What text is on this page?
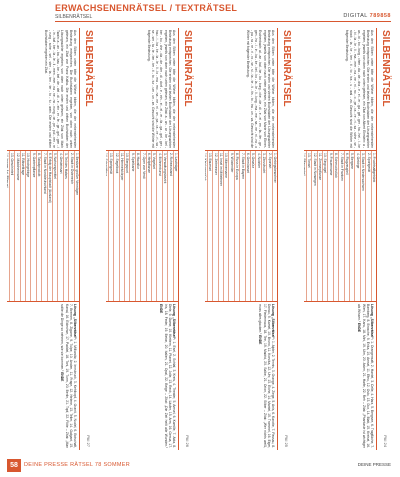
ERWACHSENENRÄTSEL / TEXTRÄTSEL
SILBENRÄTSEL	DIGITAL 789858
SILBENRÄTSEL
PAI 27
Aus den Silben unten bitte die Wörter bilden, die der nebenstehenden Bedeutung entsprechen. Die Buchstaben ergeben, von oben nach unten gelesen, ein Zitat von Franz Kafka. Die ersten und dritten Buchstaben der Lösungswörter ergeben, von oben nach unten gelesen, ein Zitat von Mark Twain: a - an - ba - bau - be - bel - de - del - di - e - ein - er - fe - ge - gel - gen - i - in - kaf - ker - la - le - li - men - mer - na - ne - no - nung - on - pe - pul - ren - re - rung - sche - sel - ster - ta - ten - ter - to - tu - wein. Die ersten und dritten Buchstaben ergeben ein Zitat.
1. Besitzer großer Vermögen
2. Stadt in Österreich
3. Teil des Halses
4. Gesteinsart
5. Nahrungsmittel
6. Erfolg der Hauptstadt (Ausland)
7. Stadt in Norddeutschland
8. Tabakprodukt
9. Gartenpflanze
10. Hochgebirge
11. Rätselfrage
12. Mädchenname
13. Geschirrteil
Lösung „Silbenrätsel“: 1. Milliardär, 2. Innsbruck, 3. Kehlkopf, 4. Granit, 5. Nudel, 6. Botschaft, 7. Bremen, 8. Zigarre, 9. Tulpe, 10. Anden, 11. Frage, 12. Helene, 13. Teller, 14. Galgant, 15. Kanal, 16. Eidechse, 17. Paddel, 18. Toni, 19. Turm, 20. Berlin, 21. Topf, 22. Flöte – Zitat: „Man sollte die Dinge so nehmen, wie sie kommen.“ ENDE
SILBENRÄTSEL
PAI 26
Aus den Silben unten bitte die Wörter bilden, die der nebenstehenden Bedeutung entsprechen. Die ersten und letzten Buchstaben der Lösungswörter ergeben, jeweils von oben nach unten gelesen, ein Zitat: a - an - ar - be - bel - ber - bu - che - da - de - der - di - dorf - e - ein - ei - el - er - fa - ga - gel - ger - hau - i - ka - ke - la - le - li - lo - ma - mo - na - ne - ni - on - pa - ra - re - ri - sa - se - ser - ta - te - ten - ter - ti - to - tur - um - un - ze. Gesucht sind die Wörter mit folgender Bedeutung.
1. Lastträger
2. Ruhezustand
3. Verwaltungsbezirk
4. Bühnenkunst
5. Vogelart
6. Heilpflanze
7. Oper von Verdi
8. Hausflur
9. Spielkarte
10. Bergsport
11. Himmelskörper
12. Segelboot
13. Sportgerät
Lösung „Silbenrätsel“: 1. Esel, 2. Schlaf, 3. Kreis, 4. Theater, 5. Amsel, 6. Kamille, 7. Aida, 8. Diele, 9. Dame, 10. Klettern, 11. Planet, 12. Jolle, 13. Reck, 14. Läufer, 15. Arm, 16. Genua, 17. Iris, 18. Feder, 19. Beton, 20. Italien, 21. Opal, 22. Beige – Zitat: „Die Zeit heilt alle Wunden.“ ENDE
SILBENRÄTSEL
PAI 25
Aus den Silben unten bitte die Wörter bilden, die der nebenstehenden Bedeutung entsprechen. Die ersten und vierten Buchstaben der Lösungswörter ergeben, jeweils von oben nach unten gelesen, ein Zitat von Marie von Ebner-Eschenbach: al - an - bal - be - bo - burg - cke - de - di - e - ei - en - fa - fer - ge - gen - ho - i - in - ka - ke - kel - ko - la - le - li - lung - ma - me - na - ne - ni - no - o - pa - ra - re - ri - ro - se - si - ta - te - ti - tis - to - tra - un - va. Gesucht sind die Wörter mit folgender Bedeutung.
1. Gebirgsbewohner
2. Sportart
3. Zitrusfrucht
4. Nutztier
5. Gewürz
6. Gemüseart
7. Stadt in Bayern
8. Fluss in Europa
9. Wüstentier
10. Männername
11. Insel im Mittelmeer
12. Zeitmesser
13. Baumart
Lösung „Silbenrätsel“: 1. Alpler, 2. Tennis, 3. Orange, 4. Ziege, 5. Anis, 6. Karotte, 7. Passau, 8. Donau, 9. Kamel, 10. Bruno, 11. Korsika, 12. Uhr, 13. Eiche, 14. Mantel, 15. Trommel, 16. Eiger, 17. Fledermaus, 18. Tee, 19. Madrid, 20. Salbe, 21. Orion, 22. Silber – Zitat: „Wer nichts weiß, muss alles glauben.“ ENDE
SILBENRÄTSEL
PAI 24
Aus den Silben unten bitte die Wörter bilden, die der nebenstehenden Bedeutung entsprechen. Die ersten und letzten Buchstaben der Lösungswörter ergeben, jeweils von oben nach unten gelesen, ein Zitat von Albert Einstein: a - as - bi - bo - burg - chen - da - de - dra - e - ei - er - ga - gel - ger - ha - hei - i - ke - ki - la - le - li - ma - mer - na - ne - ni - no - o - pe - ra - re - ri - sa - sche - se - stock - ta - te - ten - ti - to - tra - u - wal - zo. Gesucht sind die Wörter mit folgender Bedeutung.
1. Fruchtsaftgetränk
2. Sportgerät
3. Stadt in Niedersachsen
4. Gebirge
5. Bergsee
6. Flugzeugteil
7. Stadt in Franken
8. Schmuckstück
9. Frauenname
10. Singvogel
11. Zimmerpflanze
12. Stadt in Norwegen
13. Tonart
Lösung „Silbenrätsel“: 1. Orangensaft, 2. Hantel, 3. Celle, 4. Harz, 5. Bergsee, 6. Tragfläche, 7. Bamberg, 8. Brosche, 9. Erika, 10. Amsel, 11. Efeu, 12. Oslo, 13. Dur, 14. Blatt, 15. Kreisel, 16. Wien, 17. Kanu, 18. Mini, 19. Ulm, 20. Asien, 21. Harfe, 22. Reh – Zitat: „Phantasie ist wichtiger als Wissen.“ ENDE
58	DEINE PRESSE RÄTSEL 78 SOMMER	DEINE PRESSE
